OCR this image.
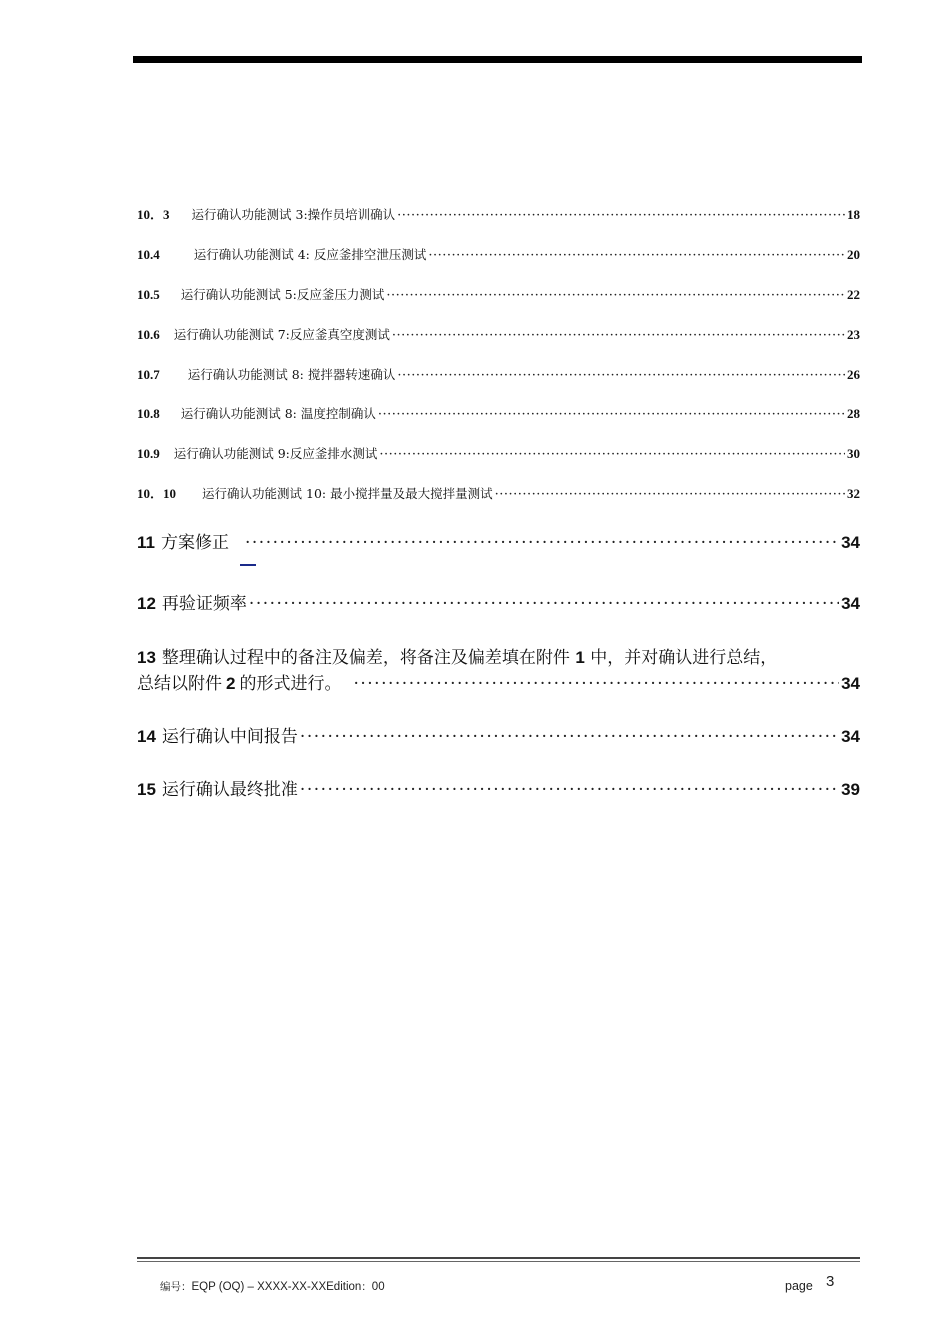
10．3 运行确认功能测试 3:操作员培训确认 ·····	18
10.4	运行确认功能测试 4: 反应釜排空泄压测试 ·····	20
10.5 运行确认功能测试 5:反应釜压力测试 ·····	22
10.6 运行确认功能测试 7:反应釜真空度测试 ·····	23
10.7 运行确认功能测试 8: 搅拌器转速确认 ·····	26
10.8 运行确认功能测试 8: 温度控制确认 ·····	28
10.9 运行确认功能测试 9:反应釜排水测试 ·····	30
10．10 运行确认功能测试 10: 最小搅拌量及最大搅拌量测试 ·····	32
11 方案修正 ·····	34
12 再验证频率 ·····	34
13 整理确认过程中的备注及偏差，将备注及偏差填在附件 1 中，并对确认进行总结，
总结以附件 2 的形式进行。 ·····	34
14 运行确认中间报告 ·····	34
15 运行确认最终批准 ·····	39
编号：EQP (OQ) – XXXX-XX-XXEdition：00	page 3
